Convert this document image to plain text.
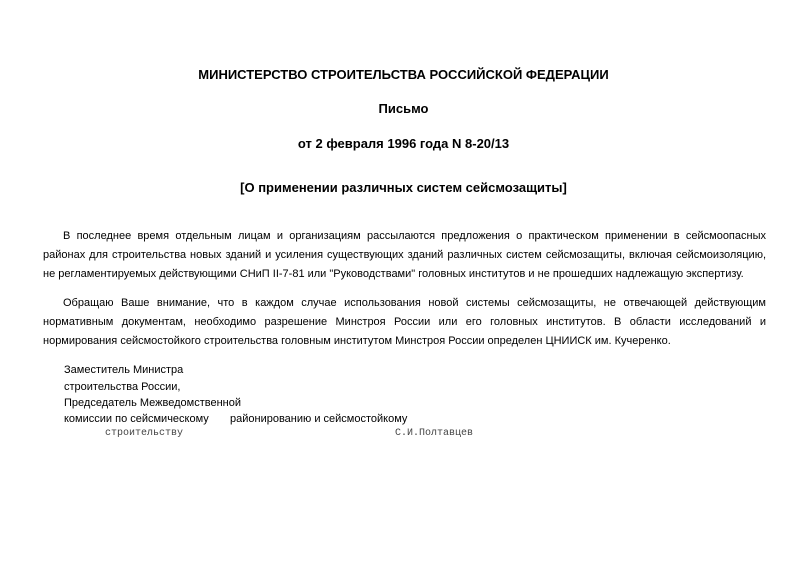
МИНИСТЕРСТВО СТРОИТЕЛЬСТВА РОССИЙСКОЙ ФЕДЕРАЦИИ
Письмо
от 2 февраля 1996 года N 8-20/13
[О применении различных систем сейсмозащиты]

В последнее время отдельным лицам и организациям рассылаются предложения о практическом применении в сейсмоопасных районах для строительства новых зданий и усиления существующих зданий различных систем сейсмозащиты, включая сейсмоизоляцию, не регламентируемых действующими СНиП II-7-81 или "Руководствами" головных институтов и не прошедших надлежащую экспертизу.

Обращаю Ваше внимание, что в каждом случае использования новой системы сейсмозащиты, не отвечающей действующим нормативным документам, необходимо разрешение Минстроя России или его головных институтов. В области исследований и нормирования сейсмостойкого строительства головным институтом Минстроя России определен ЦНИИСК им. Кучеренко.

Заместитель Министра
строительства России,
Председатель Межведомственной
комиссии по сейсмическому районированию и сейсмостойкому
строительству	С.И.Полтавцев
